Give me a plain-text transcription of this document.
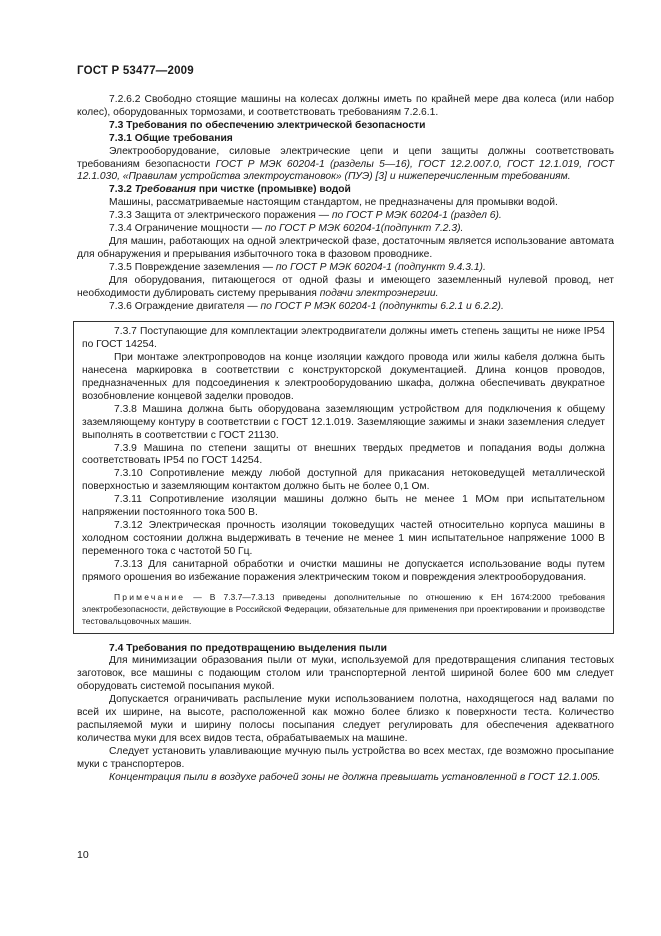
ГОСТ Р 53477—2009

7.2.6.2 Свободно стоящие машины на колесах должны иметь по крайней мере два колеса (или набор колес), оборудованных тормозами, и соответствовать требованиям 7.2.6.1.

7.3 Требования по обеспечению электрической безопасности

7.3.1 Общие требования

Электрооборудование, силовые электрические цепи и цепи защиты должны соответствовать требованиям безопасности ГОСТ Р МЭК 60204-1 (разделы 5—16), ГОСТ 12.2.007.0, ГОСТ 12.1.019, ГОСТ 12.1.030, «Правилам устройства электроустановок» (ПУЭ) [3] и нижеперечисленным требованиям.

7.3.2 Требования при чистке (промывке) водой

Машины, рассматриваемые настоящим стандартом, не предназначены для промывки водой.

7.3.3 Защита от электрического поражения — по ГОСТ Р МЭК 60204-1 (раздел 6).

7.3.4 Ограничение мощности — по ГОСТ Р МЭК 60204-1(подпункт 7.2.3).

Для машин, работающих на одной электрической фазе, достаточным является использование автомата для обнаружения и прерывания избыточного тока в фазовом проводнике.

7.3.5 Повреждение заземления — по ГОСТ Р МЭК 60204-1 (подпункт 9.4.3.1).

Для оборудования, питающегося от одной фазы и имеющего заземленный нулевой провод, нет необходимости дублировать систему прерывания подачи электроэнергии.

7.3.6 Ограждение двигателя — по ГОСТ Р МЭК 60204-1 (подпункты 6.2.1 и 6.2.2).

7.3.7 Поступающие для комплектации электродвигатели должны иметь степень защиты не ниже IP54 по ГОСТ 14254.

При монтаже электропроводов на конце изоляции каждого провода или жилы кабеля должна быть нанесена маркировка в соответствии с конструкторской документацией. Длина концов проводов, предназначенных для подсоединения к электрооборудованию шкафа, должна обеспечивать двукратное возобновление концевой заделки проводов.

7.3.8 Машина должна быть оборудована заземляющим устройством для подключения к общему заземляющему контуру в соответствии с ГОСТ 12.1.019. Заземляющие зажимы и знаки заземления следует выполнять в соответствии с ГОСТ 21130.

7.3.9 Машина по степени защиты от внешних твердых предметов и попадания воды должна соответствовать IP54 по ГОСТ 14254.

7.3.10 Сопротивление между любой доступной для прикасания нетоковедущей металлической поверхностью и заземляющим контактом должно быть не более 0,1 Ом.

7.3.11 Сопротивление изоляции машины должно быть не менее 1 МОм при испытательном напряжении постоянного тока 500 В.

7.3.12 Электрическая прочность изоляции токоведущих частей относительно корпуса машины в холодном состоянии должна выдерживать в течение не менее 1 мин испытательное напряжение 1000 В переменного тока с частотой 50 Гц.

7.3.13 Для санитарной обработки и очистки машины не допускается использование воды путем прямого орошения во избежание поражения электрическим током и повреждения электрооборудования.

Примечание — В 7.3.7—7.3.13 приведены дополнительные по отношению к ЕН 1674:2000 требования электробезопасности, действующие в Российской Федерации, обязательные для применения при проектировании и производстве тестовальцовочных машин.

7.4 Требования по предотвращению выделения пыли

Для минимизации образования пыли от муки, используемой для предотвращения слипания тестовых заготовок, все машины с подающим столом или транспортерной лентой шириной более 600 мм следует оборудовать системой посыпания мукой.

Допускается ограничивать распыление муки использованием полотна, находящегося над валами по всей их ширине, на высоте, расположенной как можно более близко к поверхности теста. Количество распыляемой муки и ширину полосы посыпания следует регулировать для обеспечения адекватного количества муки для всех видов теста, обрабатываемых на машине.

Следует установить улавливающие мучную пыль устройства во всех местах, где возможно просыпание муки с транспортеров.

Концентрация пыли в воздухе рабочей зоны не должна превышать установленной в ГОСТ 12.1.005.

10
